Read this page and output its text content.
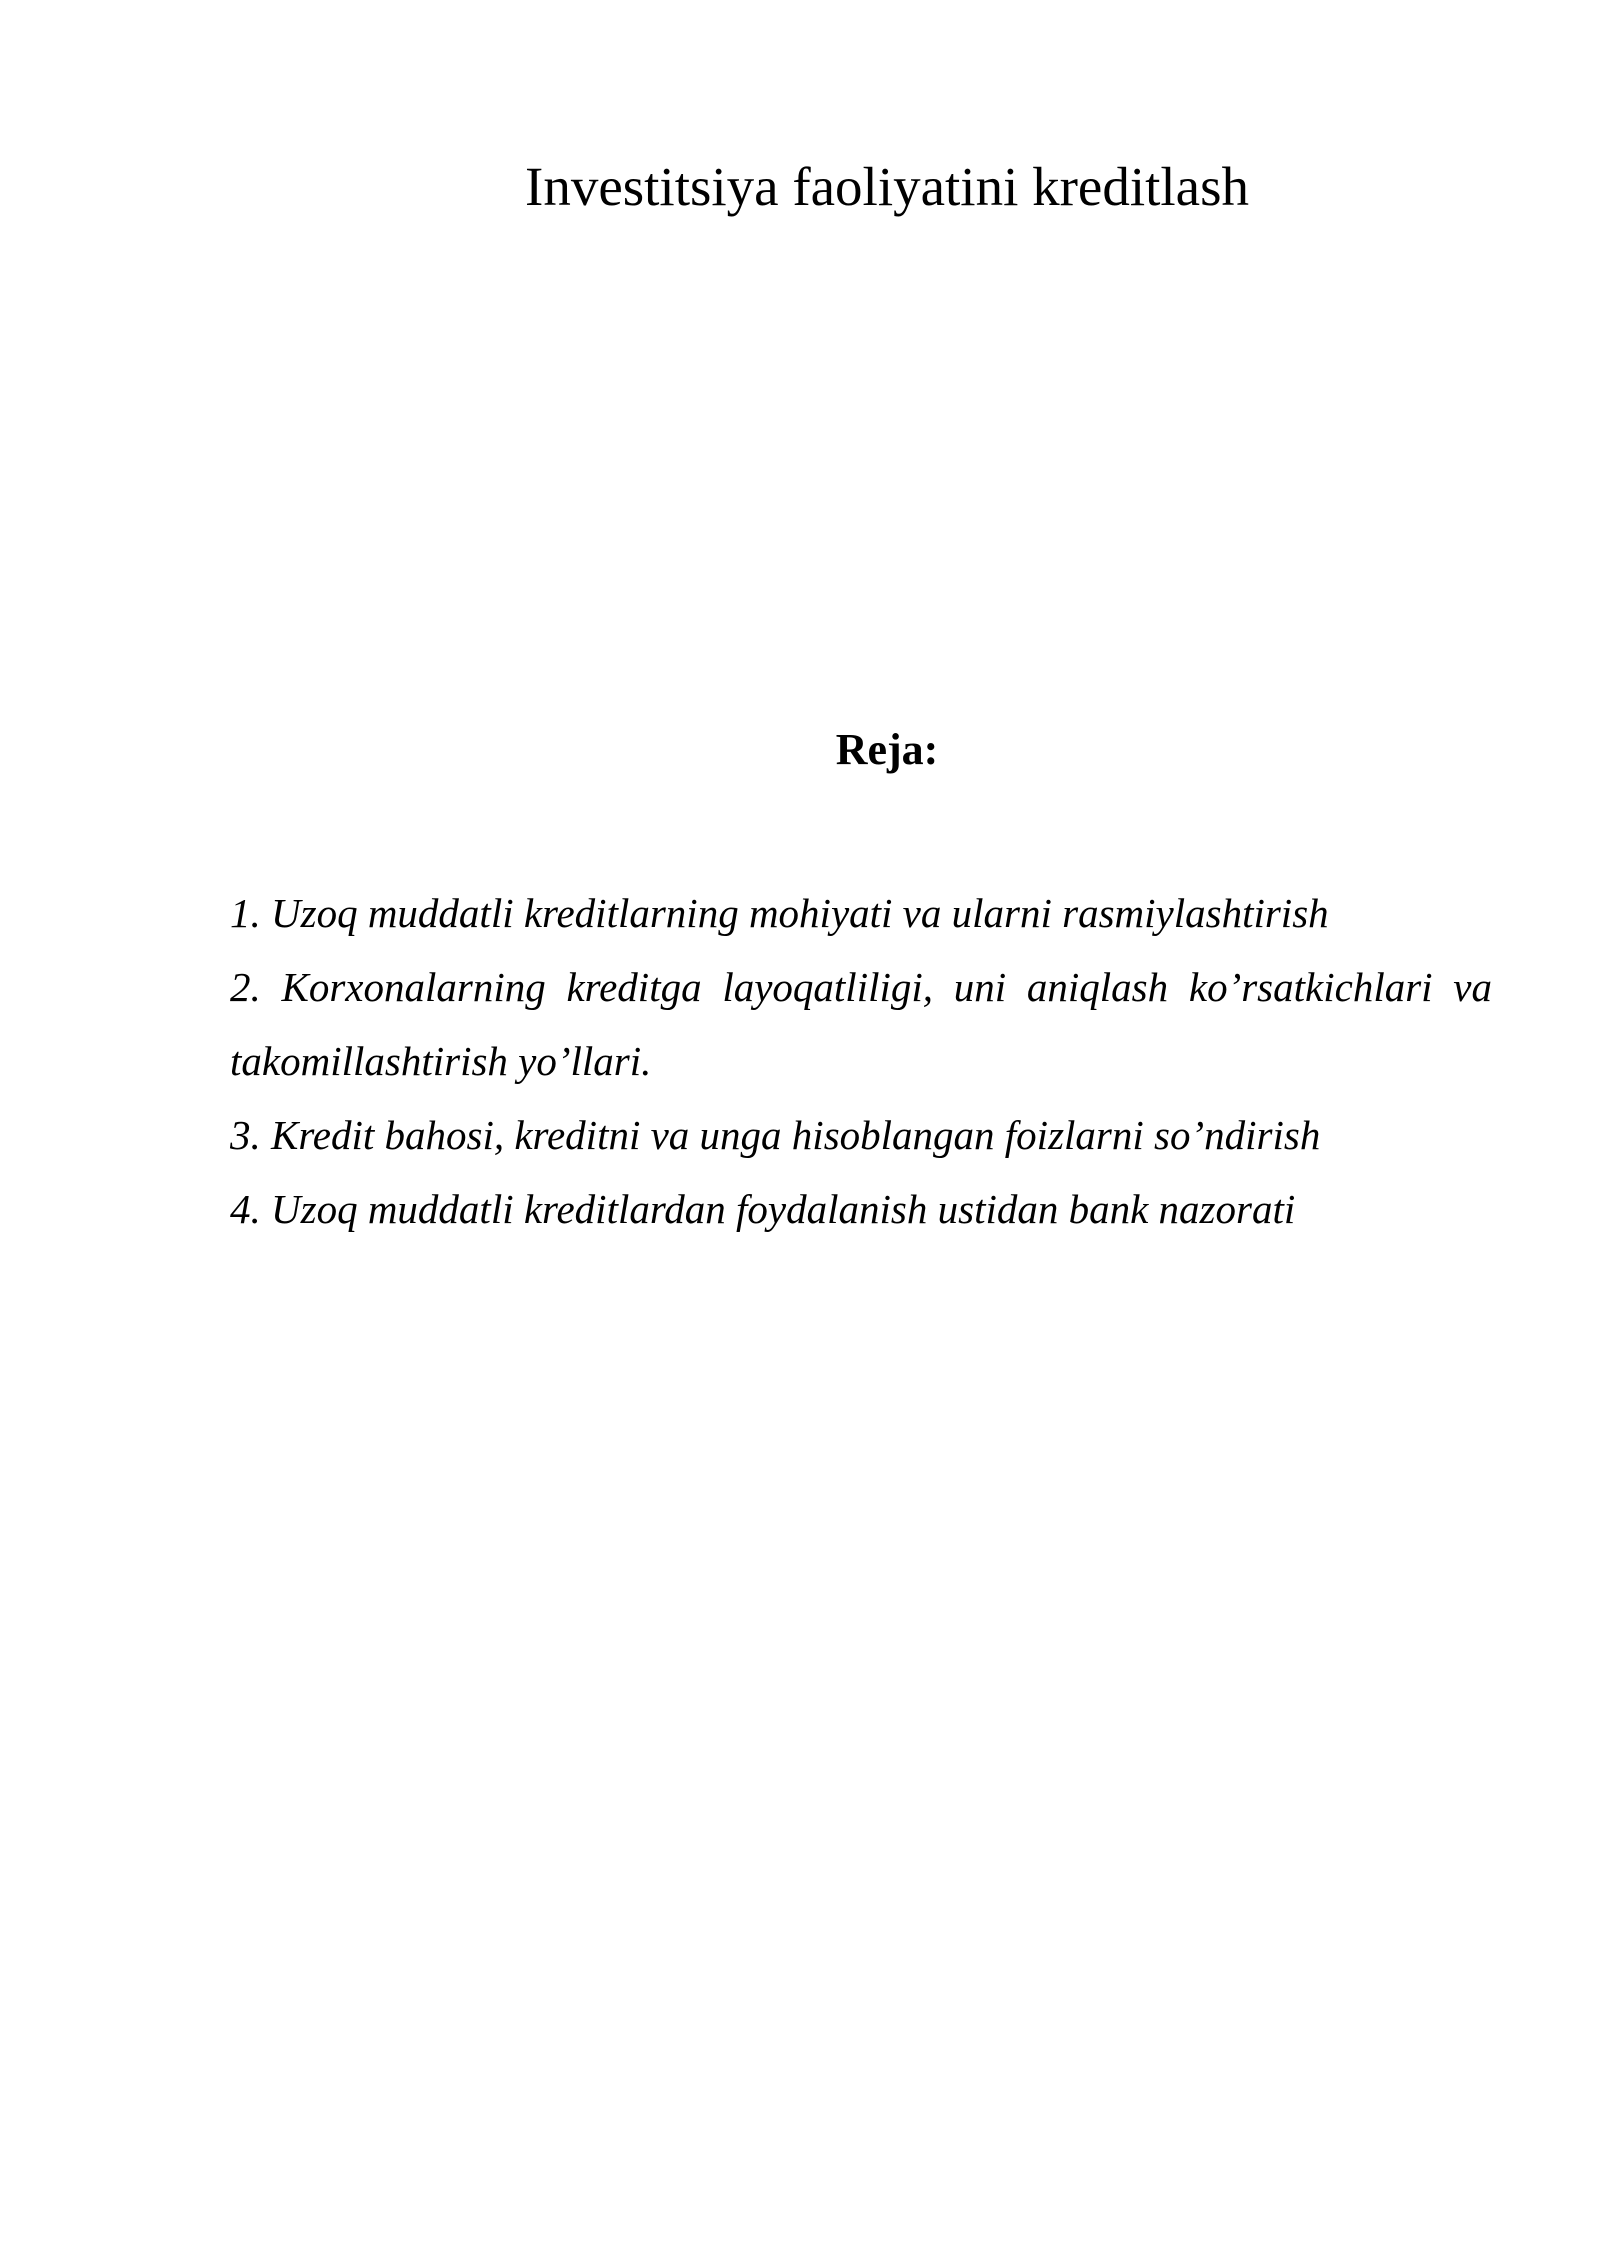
Investitsiya faoliyatini kreditlash
Reja:
1. Uzoq muddatli kreditlarning mohiyati va ularni rasmiylashtirish
2. Korxonalarning kreditga layoqatliligi, uni aniqlash ko’rsatkichlari va takomillashtirish yo’llari.
3. Kredit bahosi, kreditni va unga hisoblangan foizlarni so’ndirish
4. Uzoq muddatli kreditlardan foydalanish ustidan bank nazorati
